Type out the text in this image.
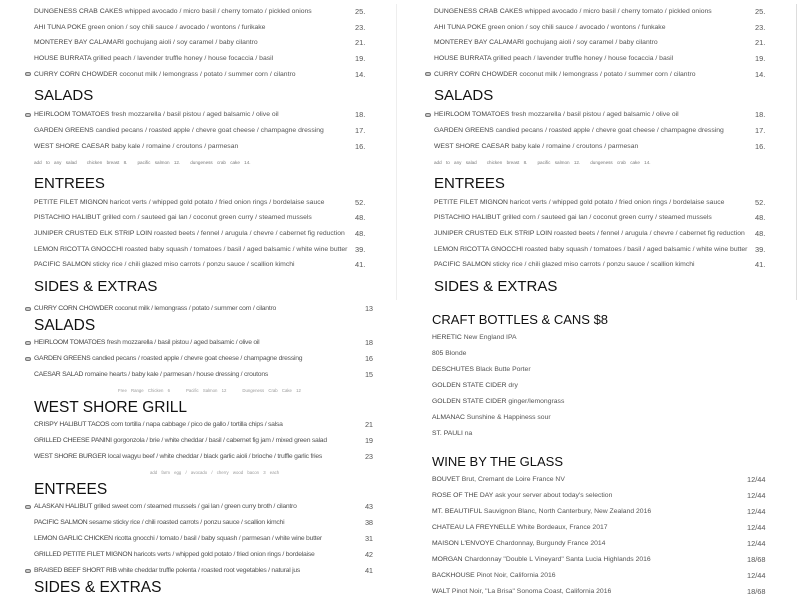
DUNGENESS CRAB CAKES whipped avocado / micro basil / cherry tomato / pickled onions	25.
AHI TUNA POKE green onion / soy chili sauce / avocado / wontons / furikake	23.
MONTEREY BAY CALAMARI gochujang aioli / soy caramel / baby cilantro	21.
HOUSE BURRATA grilled peach / lavender truffle honey / house focaccia / basil	19.
CURRY CORN CHOWDER coconut milk / lemongrass / potato / summer corn / cilantro	14.
SALADS
HEIRLOOM TOMATOES fresh mozzarella / basil pistou / aged balsamic / olive oil	18.
GARDEN GREENS candied pecans / roasted apple / chevre goat cheese / champagne dressing	17.
WEST SHORE CAESAR baby kale / romaine / croutons / parmesan	16.
add to any salad chicken breast 8. pacific salmon 12. dungeness crab cake 14.
ENTREES
PETITE FILET MIGNON haricot verts / whipped gold potato / fried onion rings / bordelaise sauce	52.
PISTACHIO HALIBUT grilled corn / sauteed gai lan / coconut green curry / steamed mussels	48.
JUNIPER CRUSTED ELK STRIP LOIN roasted beets / fennel / arugula / chevre / cabernet fig reduction 48.
LEMON RICOTTA GNOCCHI roasted baby squash / tomatoes / basil / aged balsamic / white wine butter 39.
PACIFIC SALMON sticky rice / chili glazed miso carrots / ponzu sauce / scallion kimchi	41.
SIDES & EXTRAS
DUNGENESS CRAB CAKES whipped avocado / micro basil / cherry tomato / pickled onions	25.
AHI TUNA POKE green onion / soy chili sauce / avocado / wontons / funkake	23.
MONTEREY BAY CALAMARI gochujang aioli / soy caramel / baby cilantro	21.
HOUSE BURRATA grilled peach / lavender truffle honey / house focaccia / basil	19.
CURRY CORN CHOWDER coconut milk / lemongrass / potato / summer corn / cilantro	14.
SALADS
HEIRLOOM TOMATOES fresh mozzarella / basil pistou / aged balsamic / olive oil	18.
GARDEN GREENS candied pecans / roasted apple / chevre goat cheese / champagne dressing	17.
WEST SHORE CAESAR baby kale / romaine / croutons / parmesan	16.
add to any salad chicken breast 8. pacific salmon 12. dungeness crab cake 14.
ENTREES
PETITE FILET MIGNON haricot verts / whipped gold potato / fried onion rings / bordelaise sauce	52.
PISTACHIO HALIBUT grilled corn / sauteed gai lan / coconut green curry / steamed mussels	48.
JUNIPER CRUSTED ELK STRIP LOIN roasted beets / fennel / arugula / chevre / cabernet fig reduction 48.
LEMON RICOTTA GNOCCHI roasted baby squash / tomatoes / basil / aged balsamic / white wine butter 39.
PACIFIC SALMON sticky rice / chili glazed miso carrots / ponzu sauce / scallion kimchi	41.
SIDES & EXTRAS
CURRY CORN CHOWDER coconut milk / lemongrass / potato / summer corn / cilantro	13
SALADS
HEIRLOOM TOMATOES fresh mozzarella / basil pistou / aged balsamic / olive oil	18
GARDEN GREENS candied pecans / roasted apple / chevre goat cheese / champagne dressing	16
CAESAR SALAD romaine hearts / baby kale / parmesan / house dressing / croutons	15
Free Range Chicken 6	Pacific Salmon 12	Dungeness Crab Cake 12
WEST SHORE GRILL
CRISPY HALIBUT TACOS corn tortilla / napa cabbage / pico de gallo / tortilla chips / salsa	21
GRILLED CHEESE PANINI gorgonzola / brie / white cheddar / basil / cabernet fig jam / mixed green salad	19
WEST SHORE BURGER local wagyu beef / white cheddar / black garlic aioli / brioche / truffle garlic fries	23
add farm egg / avocado / cherry wood bacon 3 each
ENTREES
ALASKAN HALIBUT grilled sweet corn / steamed mussels / gai lan / green curry broth / cilantro	43
PACIFIC SALMON sesame sticky rice / chili roasted carrots / ponzu sauce / scallion kimchi	38
LEMON GARLIC CHICKEN ricotta gnocchi / tomato / basil / baby squash / parmesan / white wine butter	31
GRILLED PETITE FILET MIGNON haricots verts / whipped gold potato / fried onion rings / bordelaise	42
BRAISED BEEF SHORT RIB white cheddar truffle polenta / roasted root vegetables / natural jus	41
SIDES & EXTRAS
CRAFT BOTTLES & CANS $8
HERETIC New England IPA
805 Blonde
DESCHUTES Black Butte Porter
GOLDEN STATE CIDER dry
GOLDEN STATE CIDER ginger/lemongrass
ALMANAC Sunshine & Happiness sour
ST. PAULI na
WINE BY THE GLASS
BOUVET Brut, Cremant de Loire France NV	12/44
ROSE OF THE DAY ask your server about today's selection	12/44
MT. BEAUTIFUL Sauvignon Blanc, North Canterbury, New Zealand 2016	12/44
CHATEAU LA FREYNELLE White Bordeaux, France 2017	12/44
MAISON L'ENVOYE Chardonnay, Burgundy France 2014	12/44
MORGAN Chardonnay "Double L Vineyard" Santa Lucia Highlands 2016	18/68
BACKHOUSE Pinot Noir, California 2016	12/44
WALT Pinot Noir, "La Brisa" Sonoma Coast, California 2016	18/68
